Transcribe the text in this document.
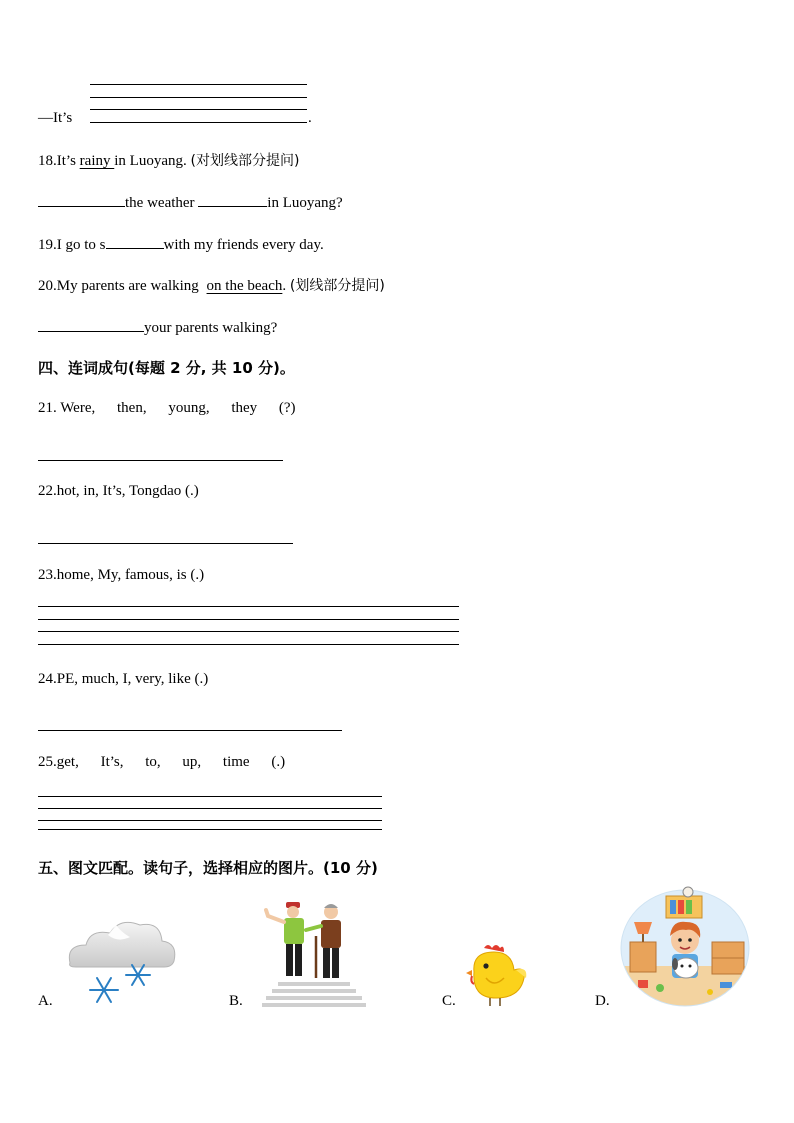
—It’s	.
18.It’s rainy in Luoyang. (对划线部分提问)
the weather	in Luoyang?
19.I go to s	with my friends every day.
20.My parents are walking on the beach. (划线部分提问)
your parents walking?
四、连词成句(每题 2 分, 共 10 分)。
21. Were, then, young, they (?)
22.hot, in, It’s, Tongdao (.)
23.home, My, famous, is (.)
24.PE, much, I, very, like (.)
25.get, It’s, to, up, time (.)
五、图文匹配。读句子，选择相应的图片。(10 分)
A.	B.	C.	D.
